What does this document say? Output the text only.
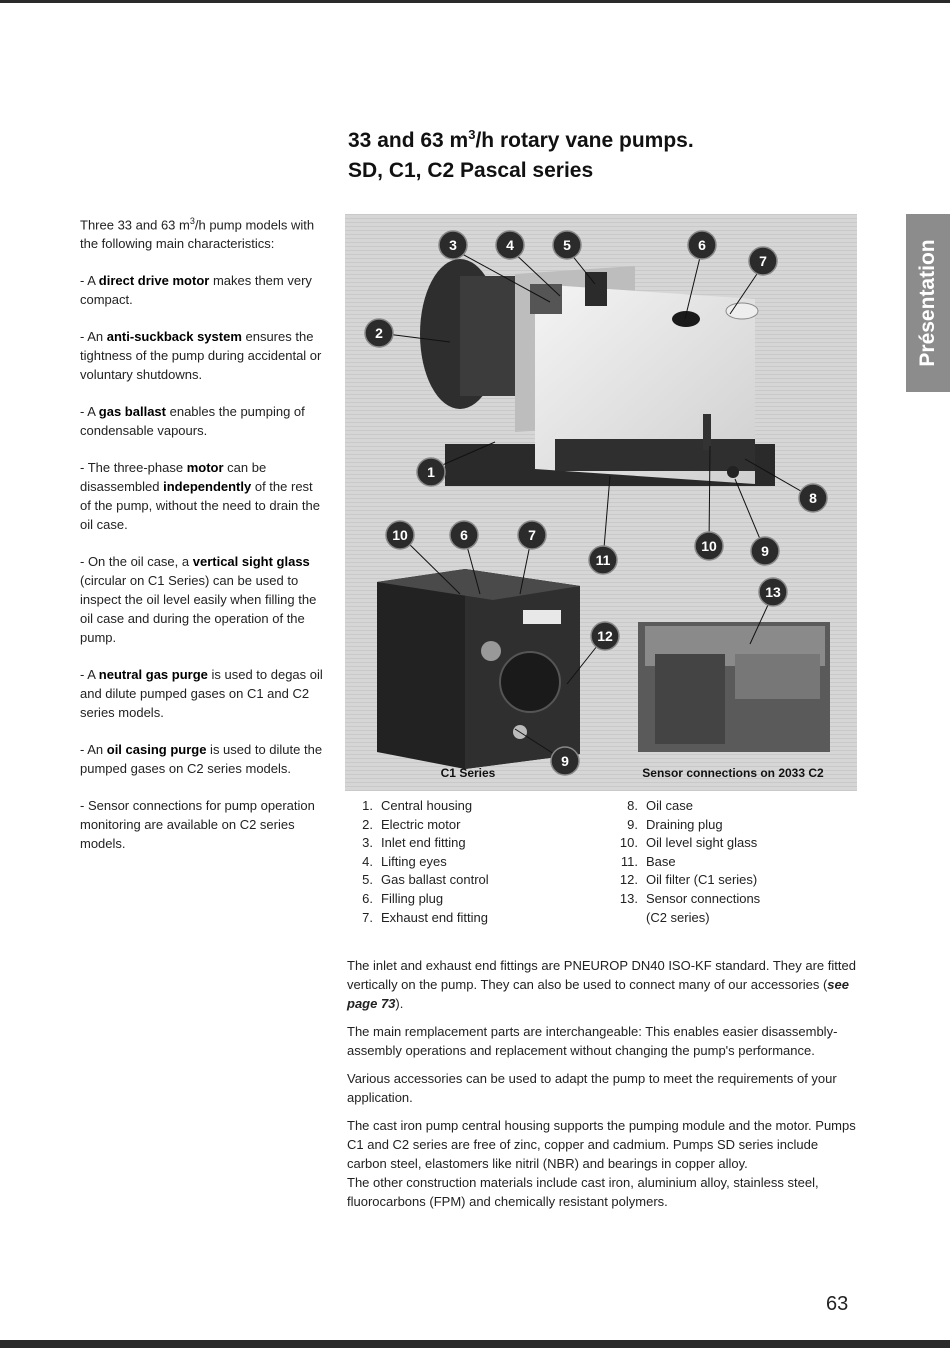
33 and 63 $m^3/h$ rotary vane pumps.
SD, C1, C2 Pascal series
Présentation

Three 33 and 63 $m^3/h$ pump models with the following main characteristics:

- A direct drive motor makes them very compact.

- An anti-suckback system ensures the tightness of the pump during accidental or voluntary shutdowns.

- A gas ballast enables the pumping of condensable vapours.

- The three-phase motor can be disassembled independently of the rest of the pump, without the need to drain the oil case.

- On the oil case, a vertical sight glass (circular on C1 Series) can be used to inspect the oil level easily when filling the oil case and during the operation of the pump.

- A neutral gas purge is used to degas oil and dilute pumped gases on C1 and C2 series models.

- An oil casing purge is used to dilute the pumped gases on C2 series models.

- Sensor connections for pump operation monitoring are available on C2 series models.

3	4	5	6
7
2
1
8
10	6	7
11
10	9
13
12
9
C1 Series	Sensor connections on 2033 C2
1. Central housing
2. Electric motor
3. Inlet end fitting
4. Lifting eyes
5. Gas ballast control
6. Filling plug
7. Exhaust end fitting
8. Oil case
9. Draining plug
10. Oil level sight glass
11. Base
12. Oil filter (C1 series)
13. Sensor connections
(C2 series)

The inlet and exhaust end fittings are PNEUROP DN40 ISO-KF standard. They are fitted vertically on the pump. They can also be used to connect many of our accessories (see page 73).

The main remplacement parts are interchangeable: This enables easier disassembly-assembly operations and replacement without changing the pump's performance.

Various accessories can be used to adapt the pump to meet the requirements of your application.

The cast iron pump central housing supports the pumping module and the motor. Pumps C1 and C2 series are free of zinc, copper and cadmium. Pumps SD series include carbon steel, elastomers like nitril (NBR) and bearings in copper alloy.

The other construction materials include cast iron, aluminium alloy, stainless steel, fluorocarbons (FPM) and chemically resistant polymers.

63
